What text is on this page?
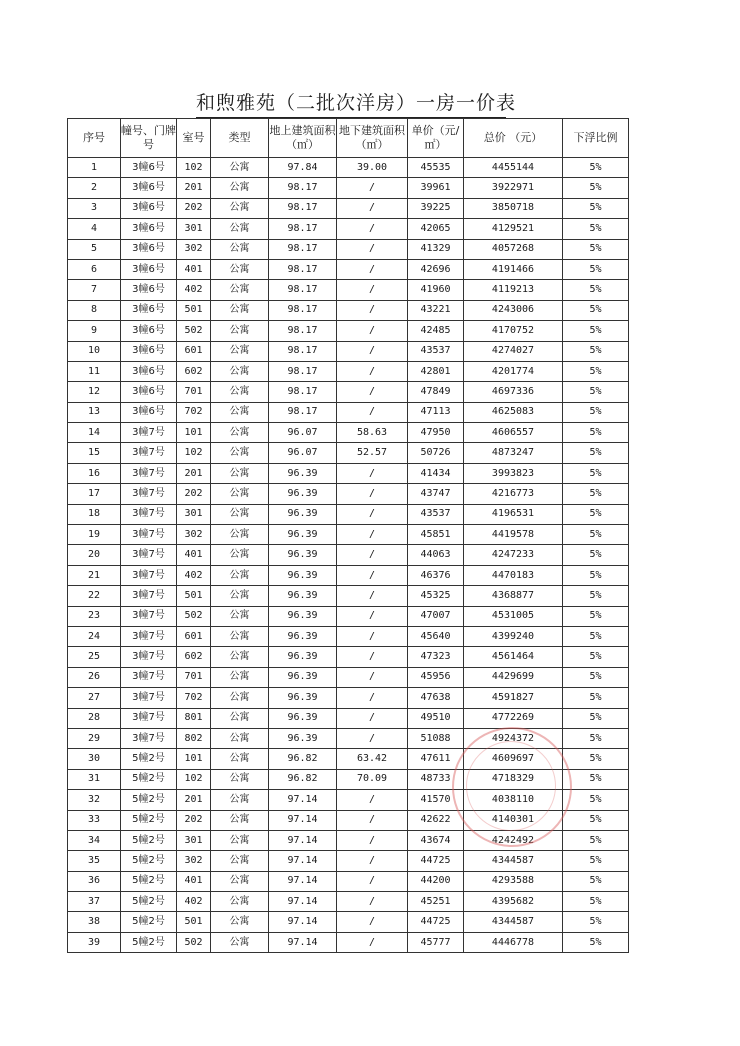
和煦雅苑（二批次洋房）一房一价表
序号	幢号、门牌号	室号	类型	地上建筑面积（㎡）	地下建筑面积（㎡）	单价（元/㎡）	总价 （元）	下浮比例
1	3幢6号	102	公寓	97.84	39.00	45535	4455144	5%
2	3幢6号	201	公寓	98.17	/	39961	3922971	5%
3	3幢6号	202	公寓	98.17	/	39225	3850718	5%
4	3幢6号	301	公寓	98.17	/	42065	4129521	5%
5	3幢6号	302	公寓	98.17	/	41329	4057268	5%
6	3幢6号	401	公寓	98.17	/	42696	4191466	5%
7	3幢6号	402	公寓	98.17	/	41960	4119213	5%
8	3幢6号	501	公寓	98.17	/	43221	4243006	5%
9	3幢6号	502	公寓	98.17	/	42485	4170752	5%
10	3幢6号	601	公寓	98.17	/	43537	4274027	5%
11	3幢6号	602	公寓	98.17	/	42801	4201774	5%
12	3幢6号	701	公寓	98.17	/	47849	4697336	5%
13	3幢6号	702	公寓	98.17	/	47113	4625083	5%
14	3幢7号	101	公寓	96.07	58.63	47950	4606557	5%
15	3幢7号	102	公寓	96.07	52.57	50726	4873247	5%
16	3幢7号	201	公寓	96.39	/	41434	3993823	5%
17	3幢7号	202	公寓	96.39	/	43747	4216773	5%
18	3幢7号	301	公寓	96.39	/	43537	4196531	5%
19	3幢7号	302	公寓	96.39	/	45851	4419578	5%
20	3幢7号	401	公寓	96.39	/	44063	4247233	5%
21	3幢7号	402	公寓	96.39	/	46376	4470183	5%
22	3幢7号	501	公寓	96.39	/	45325	4368877	5%
23	3幢7号	502	公寓	96.39	/	47007	4531005	5%
24	3幢7号	601	公寓	96.39	/	45640	4399240	5%
25	3幢7号	602	公寓	96.39	/	47323	4561464	5%
26	3幢7号	701	公寓	96.39	/	45956	4429699	5%
27	3幢7号	702	公寓	96.39	/	47638	4591827	5%
28	3幢7号	801	公寓	96.39	/	49510	4772269	5%
29	3幢7号	802	公寓	96.39	/	51088	4924372	5%
30	5幢2号	101	公寓	96.82	63.42	47611	4609697	5%
31	5幢2号	102	公寓	96.82	70.09	48733	4718329	5%
32	5幢2号	201	公寓	97.14	/	41570	4038110	5%
33	5幢2号	202	公寓	97.14	/	42622	4140301	5%
34	5幢2号	301	公寓	97.14	/	43674	4242492	5%
35	5幢2号	302	公寓	97.14	/	44725	4344587	5%
36	5幢2号	401	公寓	97.14	/	44200	4293588	5%
37	5幢2号	402	公寓	97.14	/	45251	4395682	5%
38	5幢2号	501	公寓	97.14	/	44725	4344587	5%
39	5幢2号	502	公寓	97.14	/	45777	4446778	5%
